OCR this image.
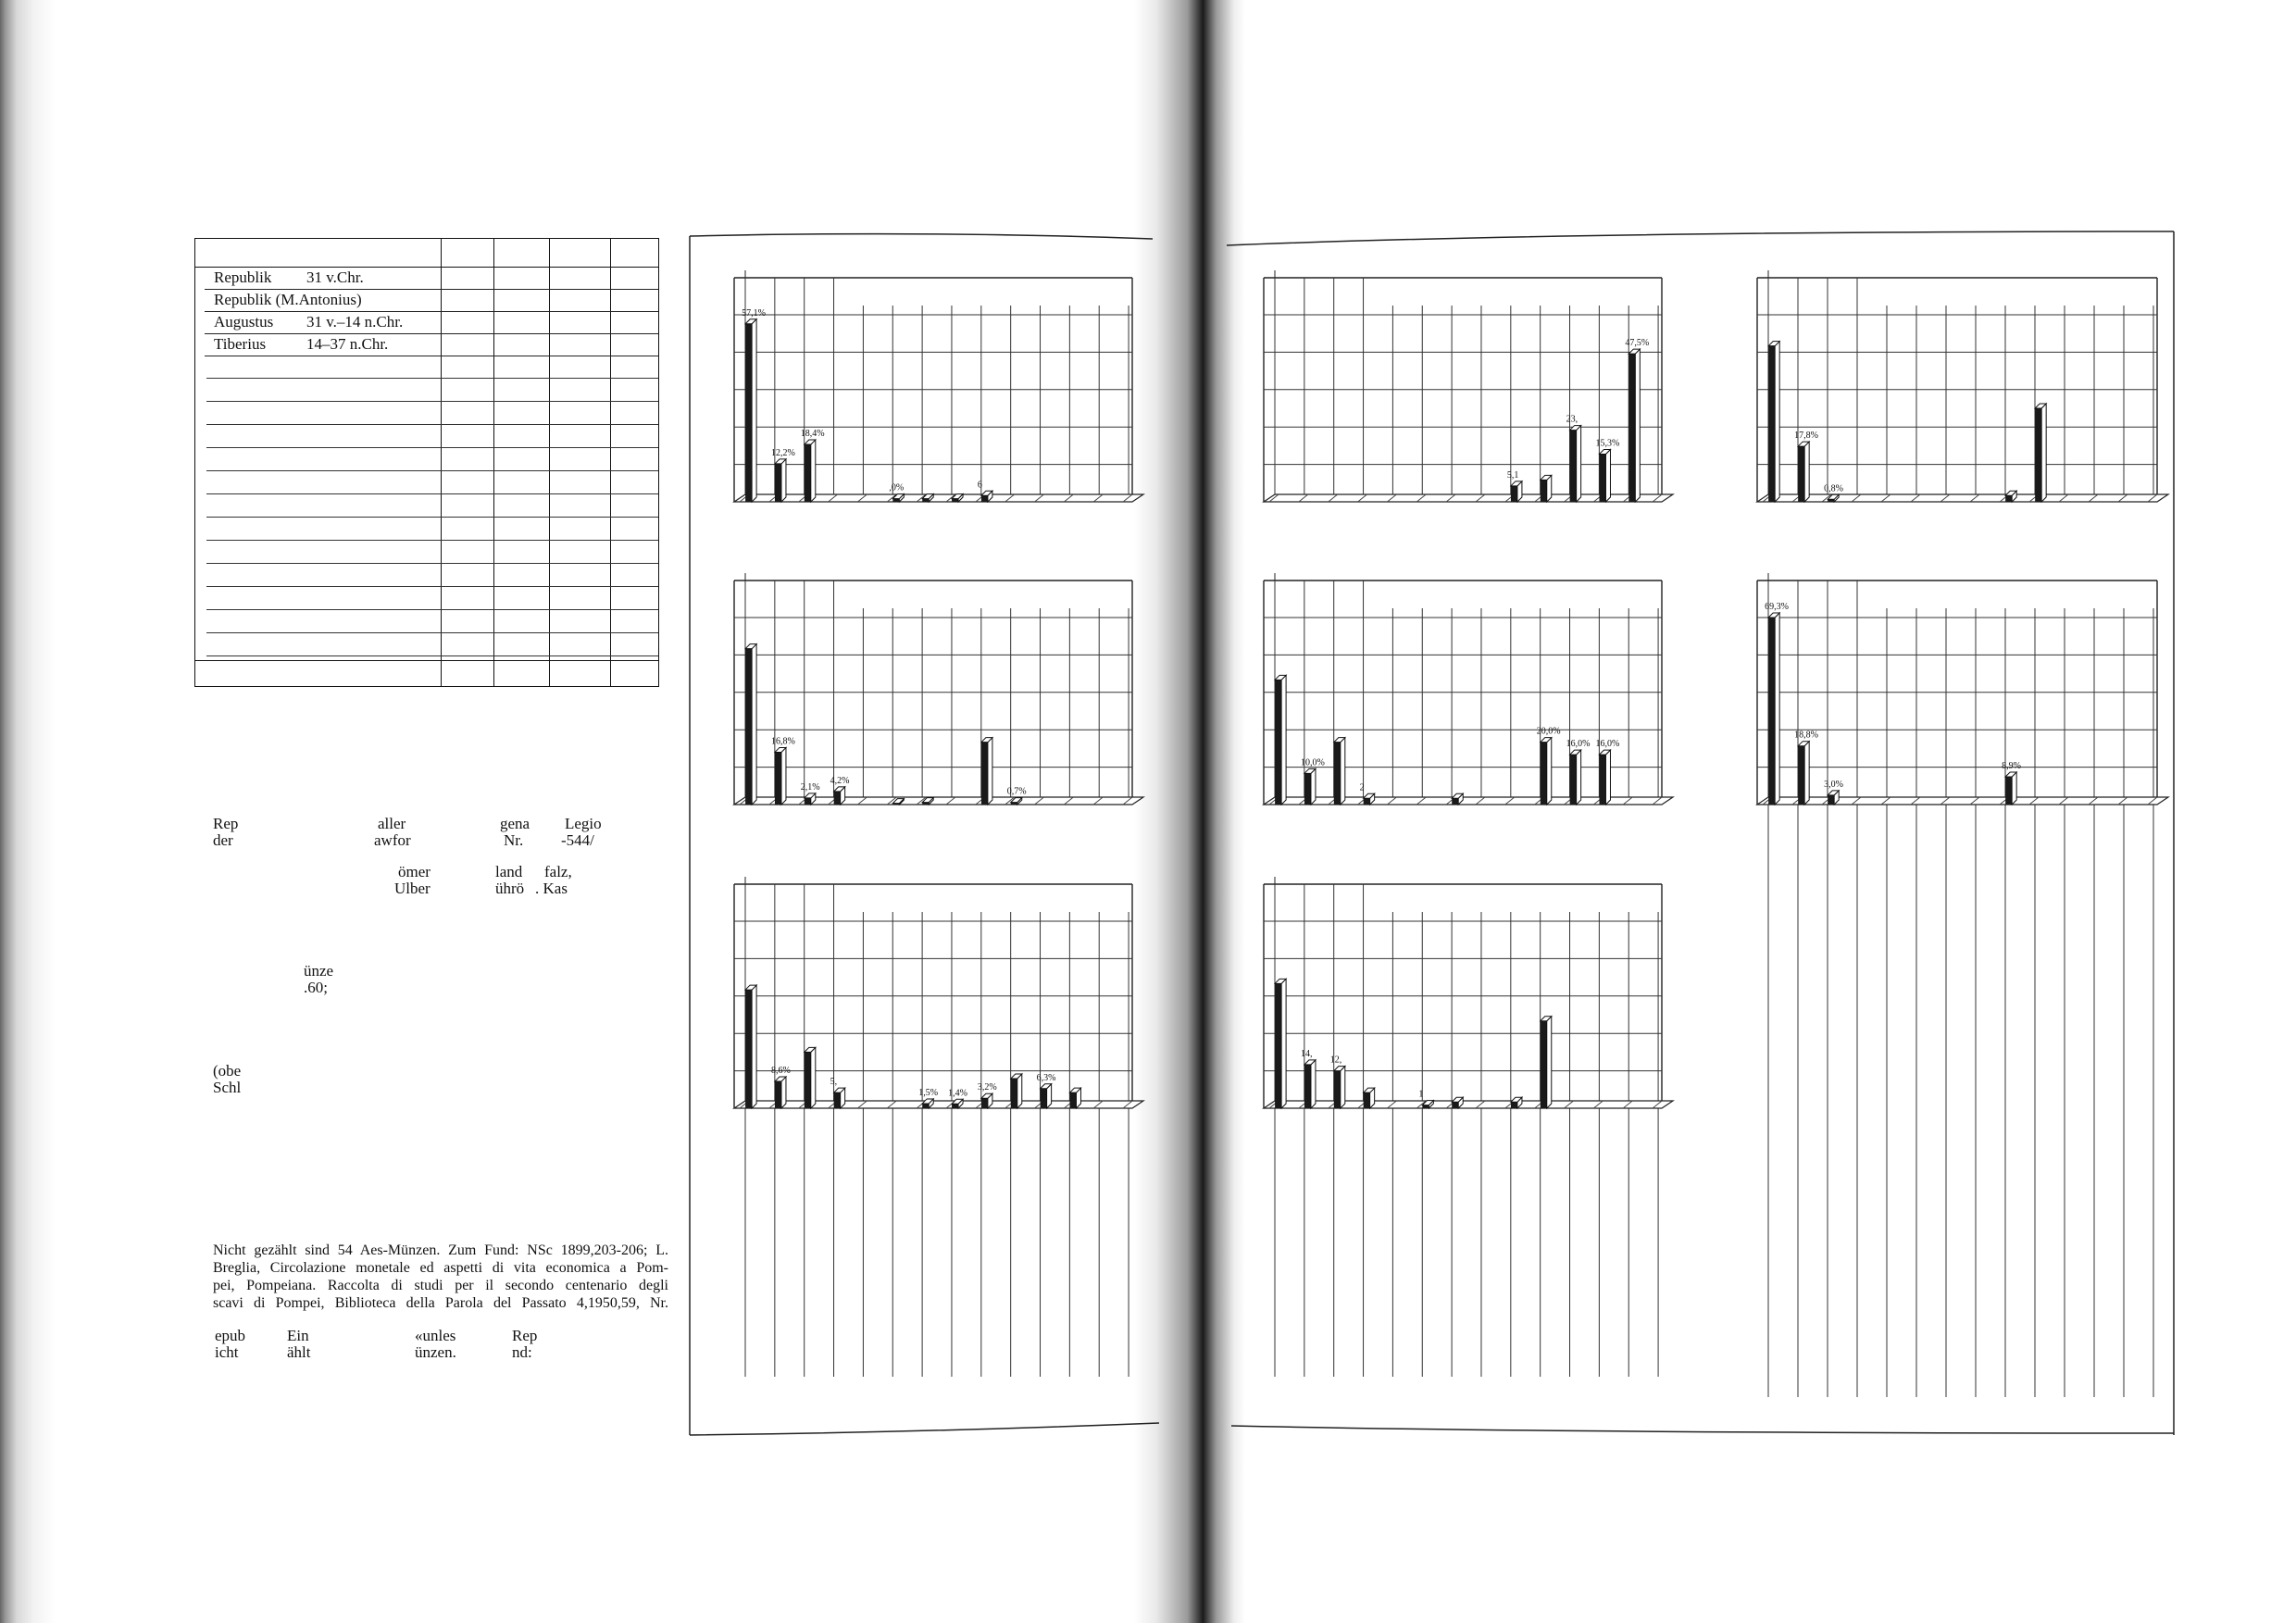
Republik 31 v.Chr.
Republik (M.Antonius)
Augustus 31 v.–14 n.Chr.
Tiberius	14–37 n.Chr.
Rep
der
aller
awfor
gena
Nr.
Legio
-544/
ömer
Ulber
land falz,
ührö . Kas
ünze
.60;
(obe
Schl
Nicht gezählt sind 54 Aes-Münzen. Zum Fund: NSc 1899,203-206; L.
Breglia, Circolazione monetale ed aspetti di vita economica a Pom-
pei, Pompeiana. Raccolta di studi per il secondo centenario degli
scavi di Pompei, Biblioteca della Parola del Passato 4,1950,59, Nr.
epub
icht
Ein
ählt
«unles
ünzen.
Rep
nd:
57,1%
12,2%
18,4%
,0%	6
16,8%
2,1%
4,2%
0,7%
8,6%
5,
1,5% 1,4%
3,2%
6,3%
5,1
23,
15,3%
47,5%
10,0%
2
20,0%
16,0% 16,0%
14,
12,
1
17,8%
0,8%
69,3%
18,8%
3,0%
8,9%
